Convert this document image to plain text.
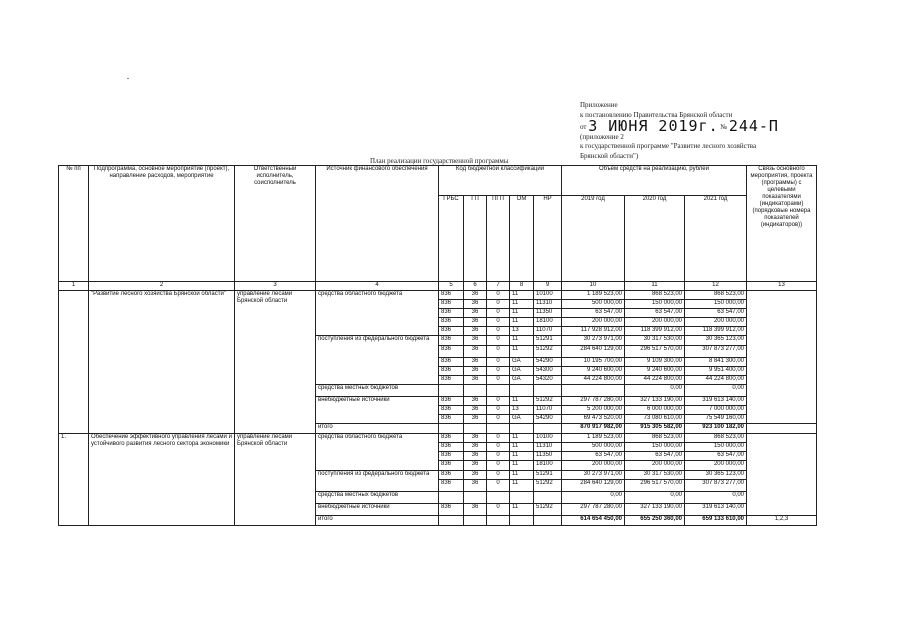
Приложение
к постановлению Правительства Брянской области
от 3 ИЮНЯ 2019г. № 244-П
(приложение 2
к государственной программе "Развитие лесного хозяйства
Брянской области")
План реализации государственной программы
№ пп	Подпрограмма, основное мероприятие (проект), направление расходов, мероприятие	Ответственный исполнитель, соисполнитель	Источник финансового обеспечения	Код бюджетной классификации					Объём средств на реализацию, рублей			Связь основного мероприятия, проекта (программы) с целевыми показателями (индикаторами) (порядковые номера показателей (индикаторов))
				ГРБС	ГП	ПГП	ОМ	НР	2019 год	2020 год	2021 год	
1	2	3	4	5	6	7	8	9	10	11	12	13
	"Развитие лесного хозяйства Брянской области"	управление лесами Брянской области	средства областного бюджета	836	36	0	11	10100	1 189 523,00	868 523,00	868 523,00	
				836	36	0	11	11310	500 000,00	150 000,00	150 000,00	
				836	36	0	11	11350	63 547,00	63 547,00	63 547,00	
				836	36	0	11	18100	200 000,00	200 000,00	200 000,00	
				836	36	0	13	11070	117 928 912,00	118 399 912,00	118 399 912,00	
			поступления из федерального бюджета	836	36	0	11	51291	30 273 971,00	30 317 530,00	30 365 123,00	
				836	36	0	11	51292	284 640 129,00	296 517 570,00	307 873 277,00	
				836	36	0	GA	54290	10 195 700,00	9 109 300,00	8 841 300,00	
				836	36	0	GA	54300	9 240 600,00	9 240 600,00	9 951 400,00	
				836	36	0	GA	54320	44 224 800,00	44 224 800,00	44 224 800,00	
			средства местных бюджетов							0,00	0,00	
			внебюджетные источники	836	36	0	11	51292	297 787 280,00	327 133 190,00	319 613 140,00	
				836	36	0	13	11070	5 200 000,00	6 000 000,00	7 000 000,00	
				836	36	0	GA	54290	69 473 520,00	73 080 610,00	75 549 160,00	
			итого						870 917 982,00	915 305 582,00	923 100 182,00	
1.	Обеспечение эффективного управления лесами и устойчивого развития лесного сектора экономики	управление лесами Брянской области	средства областного бюджета	836	36	0	11	10100	1 189 523,00	868 523,00	868 523,00	
				836	36	0	11	11310	500 000,00	150 000,00	150 000,00	
				836	36	0	11	11350	63 547,00	63 547,00	63 547,00	
				836	36	0	11	18100	200 000,00	200 000,00	200 000,00	
			поступления из федерального бюджета	836	36	0	11	51291	30 273 971,00	30 317 530,00	30 365 123,00	
				836	36	0	11	51292	284 640 129,00	296 517 570,00	307 873 277,00	
			средства местных бюджетов						0,00	0,00	0,00	
			внебюджетные источники	836	36	0	11	51292	297 787 280,00	327 133 190,00	319 613 140,00	
			итого						614 654 450,00	655 250 360,00	659 133 610,00	1,2,3
